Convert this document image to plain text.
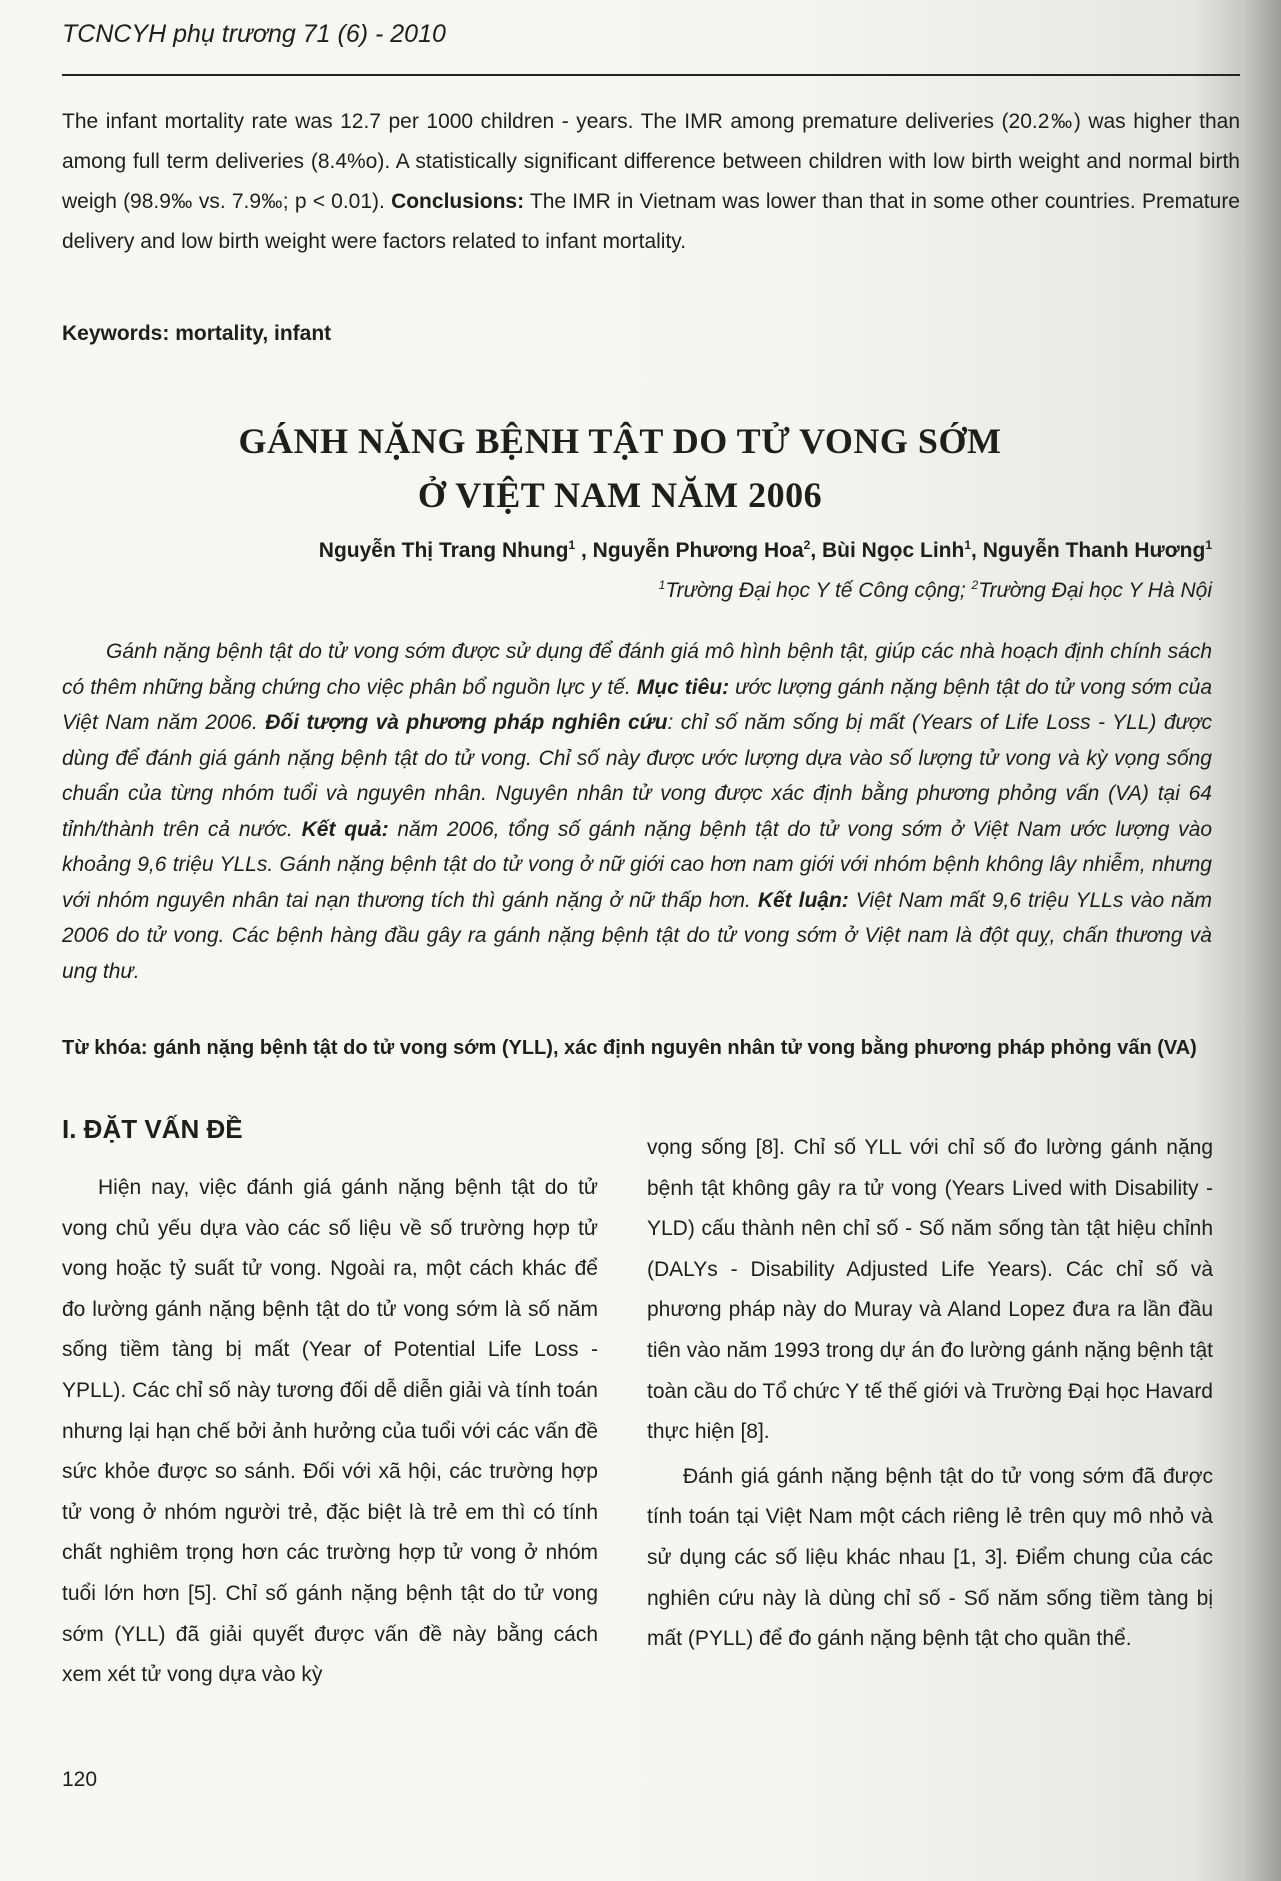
TCNCYH phụ trương 71 (6) - 2010
The infant mortality rate was 12.7 per 1000 children - years. The IMR among premature deliveries (20.2‰) was higher than among full term deliveries (8.4%o). A statistically significant difference between children with low birth weight and normal birth weigh (98.9‰ vs. 7.9‰; p < 0.01). Conclusions: The IMR in Vietnam was lower than that in some other countries. Premature delivery and low birth weight were factors related to infant mortality.
Keywords: mortality, infant
GÁNH NẶNG BỆNH TẬT DO TỬ VONG SỚM
Ở VIỆT NAM NĂM 2006
Nguyễn Thị Trang Nhung$^1$ , Nguyễn Phương Hoa$^2$, Bùi Ngọc Linh$^1$, Nguyễn Thanh Hương$^1$
$^1$Trường Đại học Y tế Công cộng; $^2$Trường Đại học Y Hà Nội
Gánh nặng bệnh tật do tử vong sớm được sử dụng để đánh giá mô hình bệnh tật, giúp các nhà hoạch định chính sách có thêm những bằng chứng cho việc phân bổ nguồn lực y tế. Mục tiêu: ước lượng gánh nặng bệnh tật do tử vong sớm của Việt Nam năm 2006. Đối tượng và phương pháp nghiên cứu: chỉ số năm sống bị mất (Years of Life Loss - YLL) được dùng để đánh giá gánh nặng bệnh tật do tử vong. Chỉ số này được ước lượng dựa vào số lượng tử vong và kỳ vọng sống chuẩn của từng nhóm tuổi và nguyên nhân. Nguyên nhân tử vong được xác định bằng phương phỏng vấn (VA) tại 64 tỉnh/thành trên cả nước. Kết quả: năm 2006, tổng số gánh nặng bệnh tật do tử vong sớm ở Việt Nam ước lượng vào khoảng 9,6 triệu YLLs. Gánh nặng bệnh tật do tử vong ở nữ giới cao hơn nam giới với nhóm bệnh không lây nhiễm, nhưng với nhóm nguyên nhân tai nạn thương tích thì gánh nặng ở nữ thấp hơn. Kết luận: Việt Nam mất 9,6 triệu YLLs vào năm 2006 do tử vong. Các bệnh hàng đầu gây ra gánh nặng bệnh tật do tử vong sớm ở Việt nam là đột quỵ, chấn thương và ung thư.
Từ khóa: gánh nặng bệnh tật do tử vong sớm (YLL), xác định nguyên nhân tử vong bằng phương pháp phỏng vấn (VA)
I. ĐẶT VẤN ĐỀ
Hiện nay, việc đánh giá gánh nặng bệnh tật do tử vong chủ yếu dựa vào các số liệu về số trường hợp tử vong hoặc tỷ suất tử vong. Ngoài ra, một cách khác để đo lường gánh nặng bệnh tật do tử vong sớm là số năm sống tiềm tàng bị mất (Year of Potential Life Loss - YPLL). Các chỉ số này tương đối dễ diễn giải và tính toán nhưng lại hạn chế bởi ảnh hưởng của tuổi với các vấn đề sức khỏe được so sánh. Đối với xã hội, các trường hợp tử vong ở nhóm người trẻ, đặc biệt là trẻ em thì có tính chất nghiêm trọng hơn các trường hợp tử vong ở nhóm tuổi lớn hơn [5]. Chỉ số gánh nặng bệnh tật do tử vong sớm (YLL) đã giải quyết được vấn đề này bằng cách xem xét tử vong dựa vào kỳ
vọng sống [8]. Chỉ số YLL với chỉ số đo lường gánh nặng bệnh tật không gây ra tử vong (Years Lived with Disability - YLD) cấu thành nên chỉ số - Số năm sống tàn tật hiệu chỉnh (DALYs - Disability Adjusted Life Years). Các chỉ số và phương pháp này do Muray và Aland Lopez đưa ra lần đầu tiên vào năm 1993 trong dự án đo lường gánh nặng bệnh tật toàn cầu do Tổ chức Y tế thế giới và Trường Đại học Havard thực hiện [8].
Đánh giá gánh nặng bệnh tật do tử vong sớm đã được tính toán tại Việt Nam một cách riêng lẻ trên quy mô nhỏ và sử dụng các số liệu khác nhau [1, 3]. Điểm chung của các nghiên cứu này là dùng chỉ số - Số năm sống tiềm tàng bị mất (PYLL) để đo gánh nặng bệnh tật cho quần thể.
120
